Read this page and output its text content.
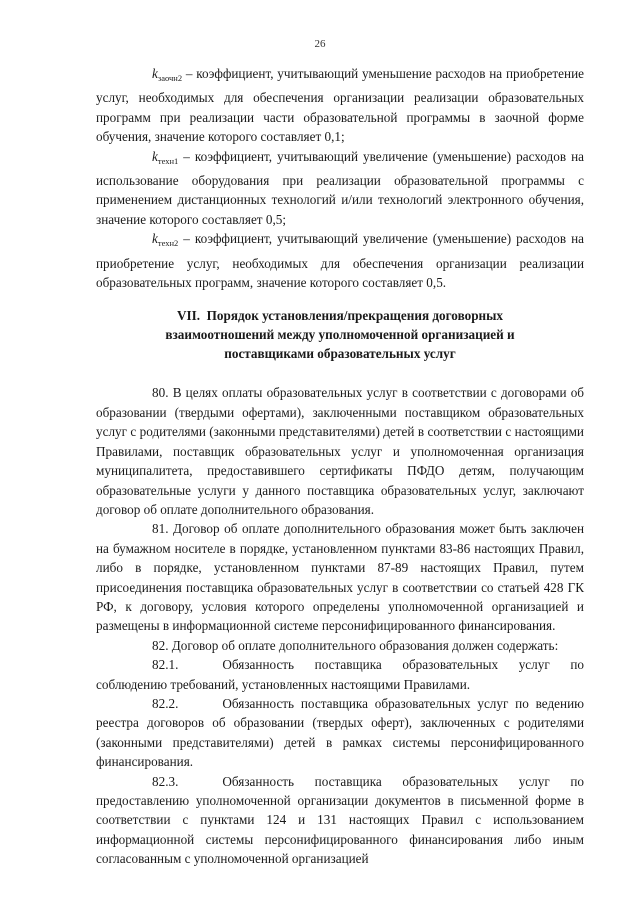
26

$k_{заочн2}$ – коэффициент, учитывающий уменьшение расходов на приобретение услуг, необходимых для обеспечения организации реализации образовательных программ при реализации части образовательной программы в заочной форме обучения, значение которого составляет 0,1;

$k_{техн1}$ – коэффициент, учитывающий увеличение (уменьшение) расходов на использование оборудования при реализации образовательной программы с применением дистанционных технологий и/или технологий электронного обучения, значение которого составляет 0,5;

$k_{техн2}$ – коэффициент, учитывающий увеличение (уменьшение) расходов на приобретение услуг, необходимых для обеспечения организации реализации образовательных программ, значение которого составляет 0,5.

VII. Порядок установления/прекращения договорных
взаимоотношений между уполномоченной организацией и
поставщиками образовательных услуг

80. В целях оплаты образовательных услуг в соответствии с договорами об образовании (твердыми офертами), заключенными поставщиком образовательных услуг с родителями (законными представителями) детей в соответствии с настоящими Правилами, поставщик образовательных услуг и уполномоченная организация муниципалитета, предоставившего сертификаты ПФДО детям, получающим образовательные услуги у данного поставщика образовательных услуг, заключают договор об оплате дополнительного образования.

81. Договор об оплате дополнительного образования может быть заключен на бумажном носителе в порядке, установленном пунктами 83-86 настоящих Правил, либо в порядке, установленном пунктами 87-89 настоящих Правил, путем присоединения поставщика образовательных услуг в соответствии со статьей 428 ГК РФ, к договору, условия которого определены уполномоченной организацией и размещены в информационной системе персонифицированного финансирования.

82. Договор об оплате дополнительного образования должен содержать:

82.1.	Обязанность поставщика образовательных услуг по соблюдению требований, установленных настоящими Правилами.

82.2.	Обязанность поставщика образовательных услуг по ведению реестра договоров об образовании (твердых оферт), заключенных с родителями (законными представителями) детей в рамках системы персонифицированного финансирования.

82.3.	Обязанность поставщика образовательных услуг по предоставлению уполномоченной организации документов в письменной форме в соответствии с пунктами 124 и 131 настоящих Правил с использованием информационной системы персонифицированного финансирования либо иным согласованным с уполномоченной организацией
